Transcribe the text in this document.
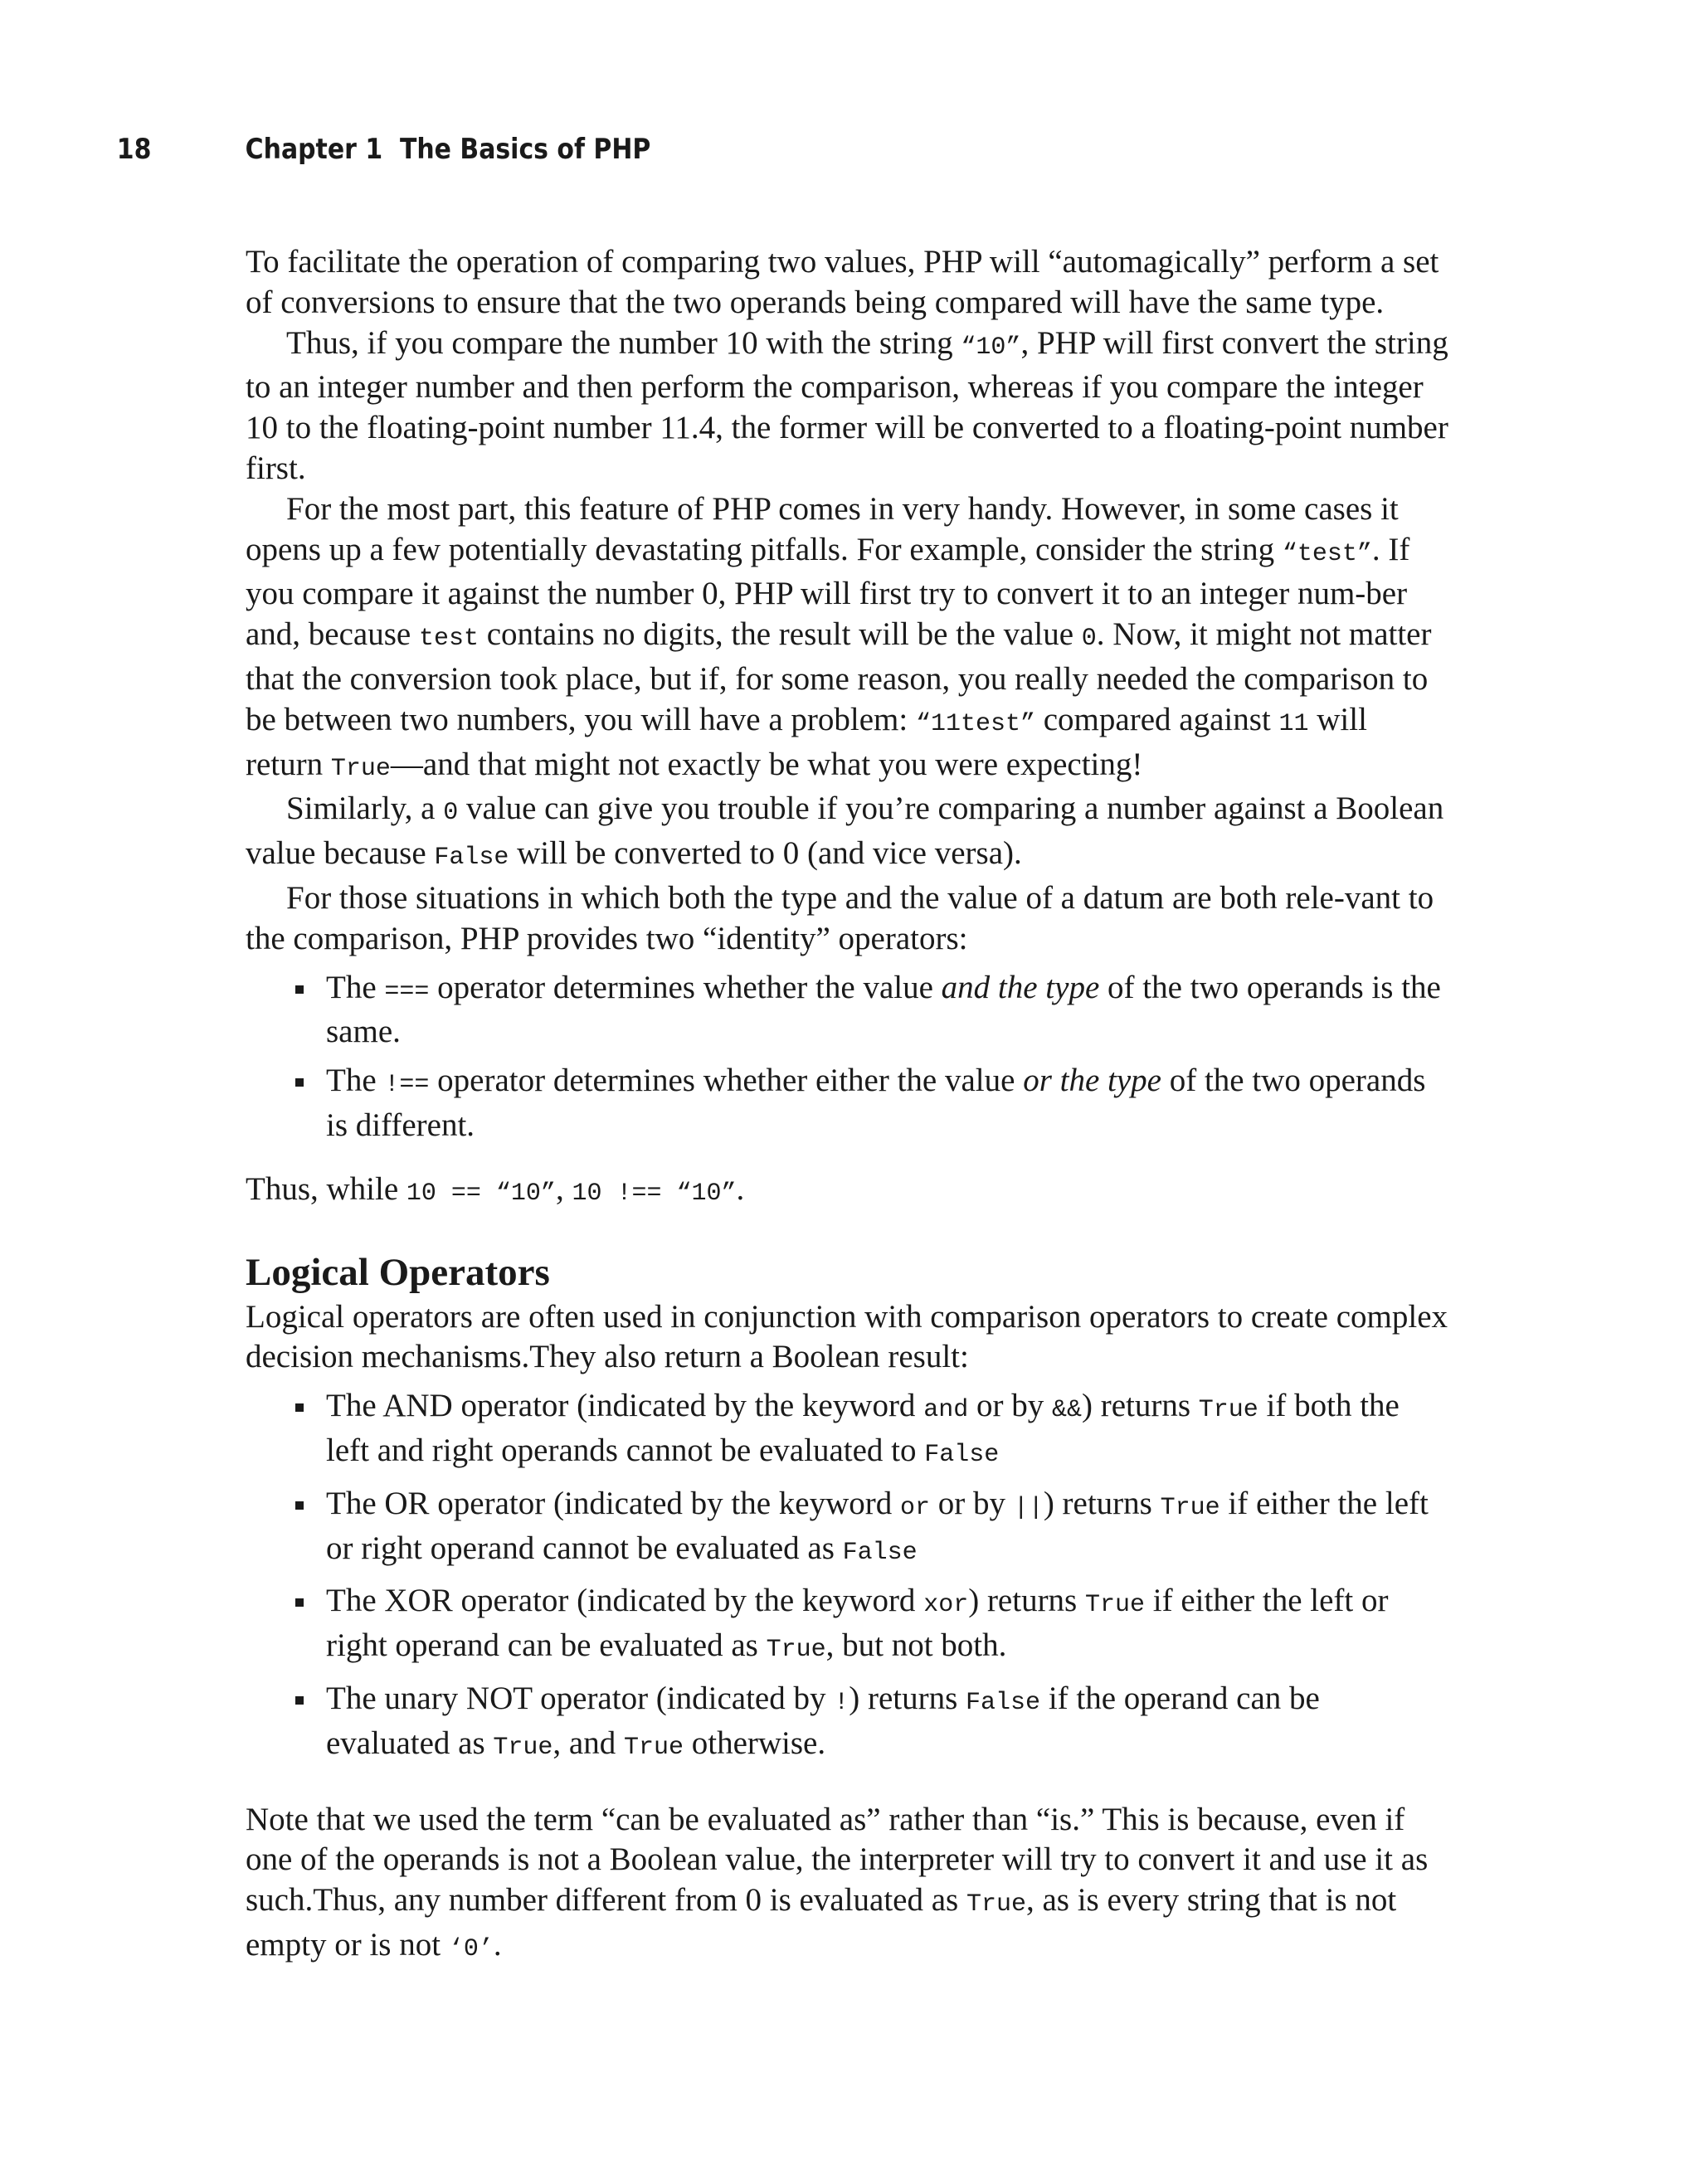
18	Chapter 1  The Basics of PHP

To facilitate the operation of comparing two values, PHP will “automagically” perform a set of conversions to ensure that the two operands being compared will have the same type.

Thus, if you compare the number 10 with the string “10”, PHP will first convert the string to an integer number and then perform the comparison, whereas if you compare the integer 10 to the floating-point number 11.4, the former will be converted to a floating-point number first.

For the most part, this feature of PHP comes in very handy. However, in some cases it opens up a few potentially devastating pitfalls. For example, consider the string “test”. If you compare it against the number 0, PHP will first try to convert it to an integer num-ber and, because test contains no digits, the result will be the value 0. Now, it might not matter that the conversion took place, but if, for some reason, you really needed the comparison to be between two numbers, you will have a problem: “11test” compared against 11 will return True—and that might not exactly be what you were expecting!

Similarly, a 0 value can give you trouble if you’re comparing a number against a Boolean value because False will be converted to 0 (and vice versa).

For those situations in which both the type and the value of a datum are both rele-vant to the comparison, PHP provides two “identity” operators:

The === operator determines whether the value and the type of the two operands is the same.
The !== operator determines whether either the value or the type of the two operands is different.

Thus, while 10 == “10”, 10 !== “10”.

Logical Operators

Logical operators are often used in conjunction with comparison operators to create complex decision mechanisms.They also return a Boolean result:

The AND operator (indicated by the keyword and or by &&) returns True if both the left and right operands cannot be evaluated to False
The OR operator (indicated by the keyword or or by ||) returns True if either the left or right operand cannot be evaluated as False
The XOR operator (indicated by the keyword xor) returns True if either the left or right operand can be evaluated as True, but not both.
The unary NOT operator (indicated by !) returns False if the operand can be evaluated as True, and True otherwise.

Note that we used the term “can be evaluated as” rather than “is.” This is because, even if one of the operands is not a Boolean value, the interpreter will try to convert it and use it as such.Thus, any number different from 0 is evaluated as True, as is every string that is not empty or is not ‘0’.
